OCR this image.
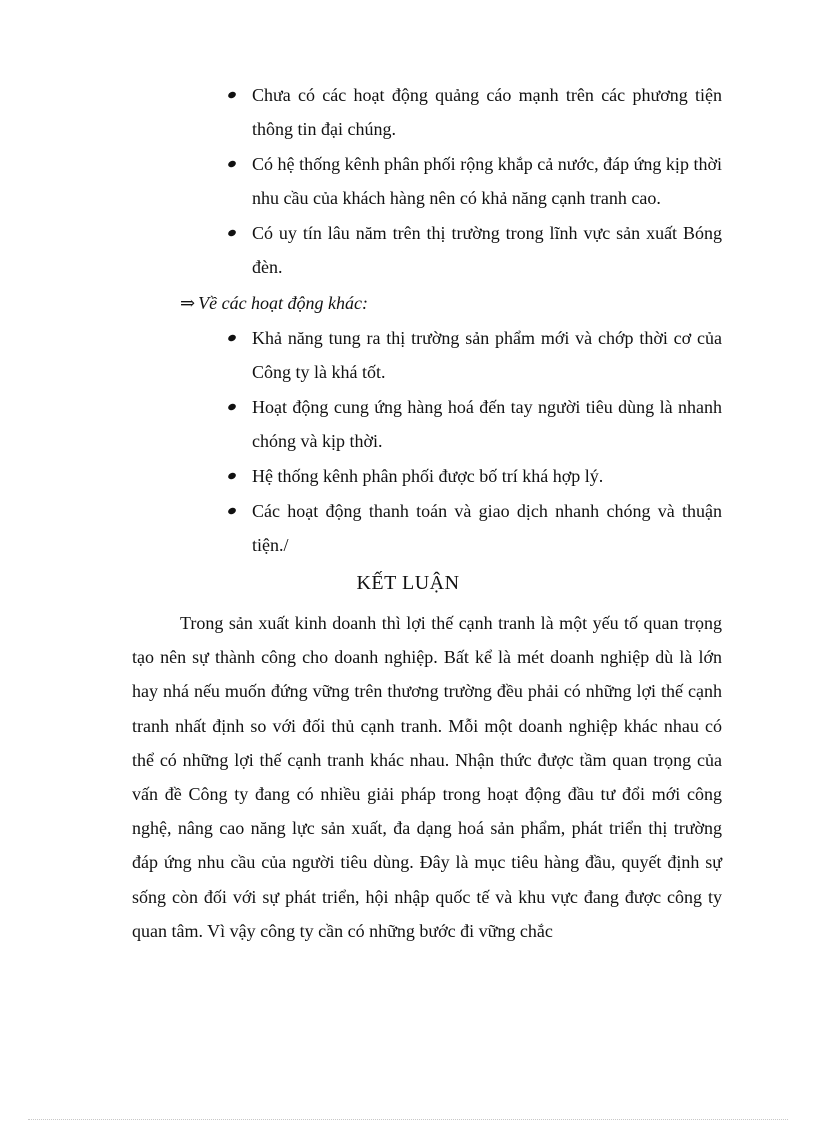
Chưa có các hoạt động quảng cáo mạnh trên các phương tiện thông tin đại chúng.
Có hệ thống kênh phân phối rộng khắp cả nước, đáp ứng kịp thời nhu cầu của khách hàng nên có khả năng cạnh tranh cao.
Có uy tín lâu năm trên thị trường trong lĩnh vực sản xuất Bóng đèn.
⇒ Về các hoạt động khác:
Khả năng tung ra thị trường sản phẩm mới và chớp thời cơ của Công ty là khá tốt.
Hoạt động cung ứng hàng hoá đến tay người tiêu dùng là nhanh chóng và kịp thời.
Hệ thống kênh phân phối được bố trí khá hợp lý.
Các hoạt động thanh toán và giao dịch nhanh chóng và thuận tiện./
KẾT LUẬN

Trong sản xuất kinh doanh thì lợi thế cạnh tranh là một yếu tố quan trọng tạo nên sự thành công cho doanh nghiệp. Bất kể là mét doanh nghiệp dù là lớn hay nhá nếu muốn đứng vững trên thương trường đều phải có những lợi thế cạnh tranh nhất định so với đối thủ cạnh tranh. Mỗi một doanh nghiệp khác nhau có thể có những lợi thế cạnh tranh khác nhau. Nhận thức được tầm quan trọng của vấn đề Công ty đang có nhiều giải pháp trong hoạt động đầu tư đổi mới công nghệ, nâng cao năng lực sản xuất, đa dạng hoá sản phẩm, phát triển thị trường đáp ứng nhu cầu của người tiêu dùng. Đây là mục tiêu hàng đầu, quyết định sự sống còn đối với sự phát triển, hội nhập quốc tế và khu vực đang được công ty quan tâm. Vì vậy công ty cần có những bước đi vững chắc
